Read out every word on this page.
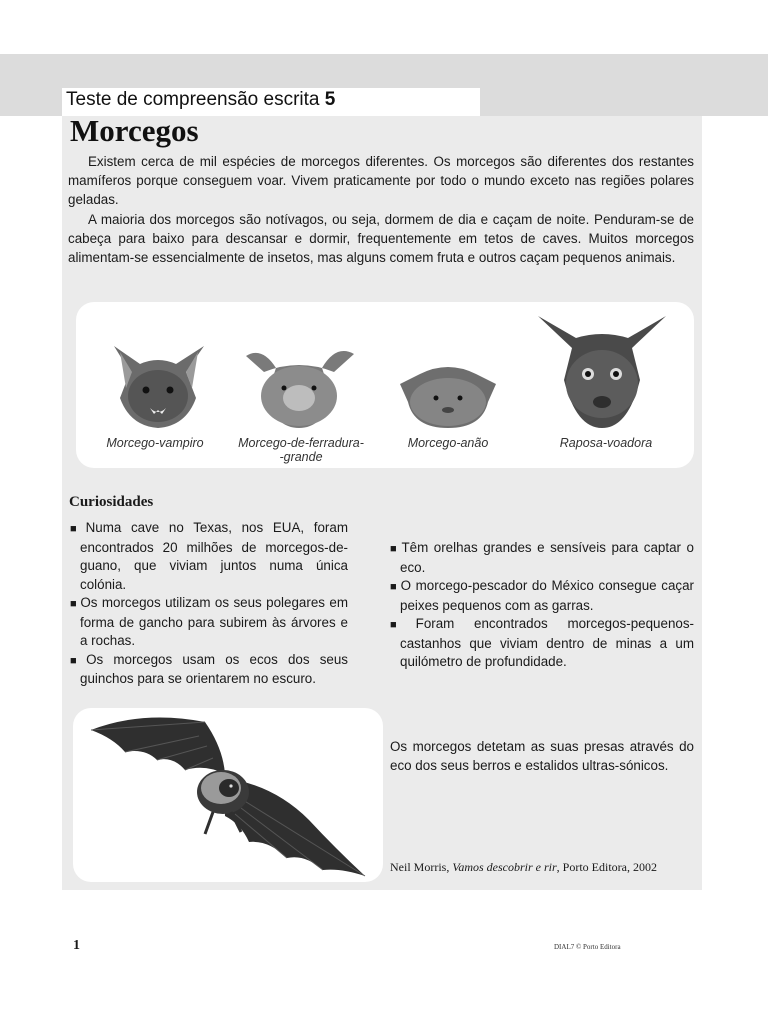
Teste de compreensão escrita 5
Morcegos

Existem cerca de mil espécies de morcegos diferentes. Os morcegos são diferentes dos restantes mamíferos porque conseguem voar. Vivem praticamente por todo o mundo exceto nas regiões polares geladas.

A maioria dos morcegos são notívagos, ou seja, dormem de dia e caçam de noite. Penduram-se de cabeça para baixo para descansar e dormir, frequentemente em tetos de caves. Muitos morcegos alimentam-se essencialmente de insetos, mas alguns comem fruta e outros caçam pequenos animais.

Morcego-vampiro	Morcego-de-ferradura-
-grande
Morcego-anão	Raposa-voadora
Curiosidades
■ Numa cave no Texas, nos EUA, foram encontrados 20 milhões de morcegos-de-guano, que viviam juntos numa única colónia.
■ Os morcegos utilizam os seus polegares em forma de gancho para subirem às árvores e a rochas.
■ Os morcegos usam os ecos dos seus guinchos para se orientarem no escuro.
■ Têm orelhas grandes e sensíveis para captar o eco.
■ O morcego-pescador do México consegue caçar peixes pequenos com as garras.
■ Foram encontrados morcegos-pequenos-castanhos que viviam dentro de minas a um quilómetro de profundidade.

Os morcegos detetam as suas presas através do eco dos seus berros e estalidos ultras-sónicos.

Neil Morris, Vamos descobrir e rir, Porto Editora, 2002

1	DIAL7 © Porto Editora
